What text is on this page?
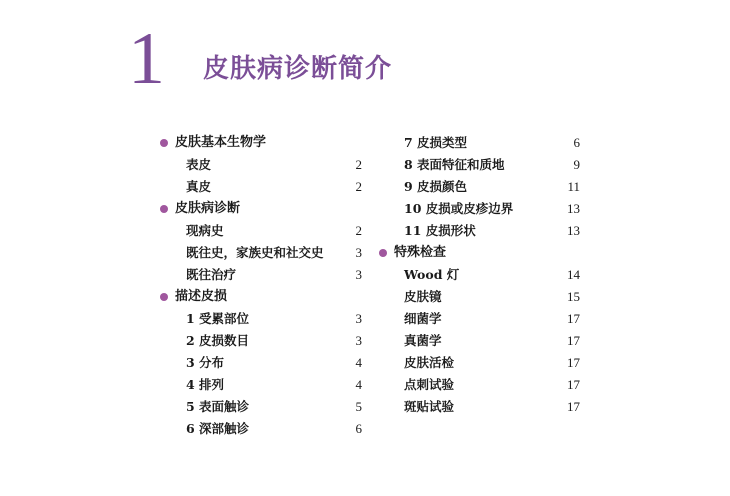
1 皮肤病诊断简介
皮肤基本生物学
表皮	2
真皮	2
皮肤病诊断
现病史	2
既往史，家族史和社交史 3
既往治疗	3
描述皮损
1 受累部位	3
2 皮损数目	3
3 分布	4
4 排列	4
5 表面触诊	5
6 深部触诊	6
7 皮损类型	6
8 表面特征和质地	9
9 皮损颜色	11
10 皮损或皮疹边界	13
11 皮损形状	13
特殊检查
Wood 灯	14
皮肤镜	15
细菌学	17
真菌学	17
皮肤活检	17
点刺试验	17
斑贴试验	17
